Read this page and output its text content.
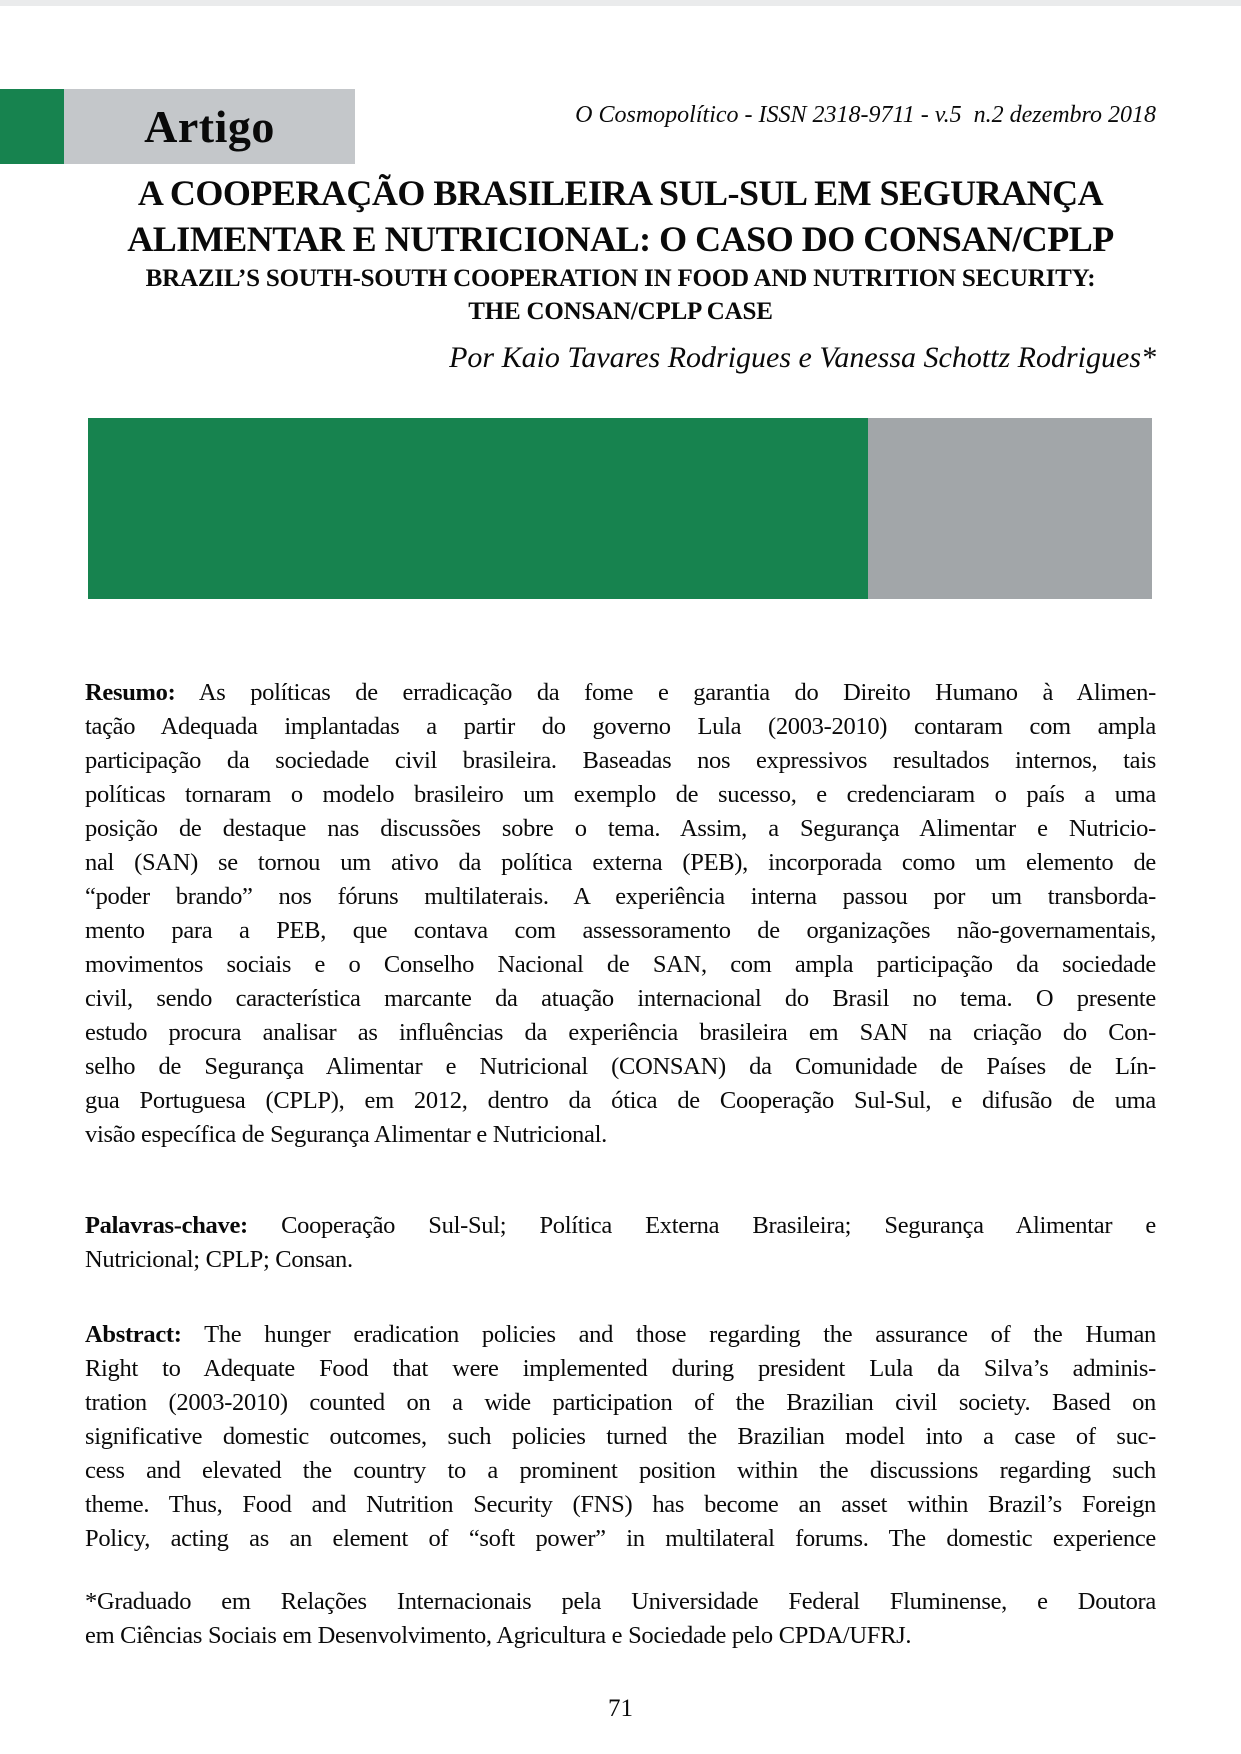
Artigo	O Cosmopolítico - ISSN 2318-9711 - v.5  n.2 dezembro 2018
A COOPERAÇÃO BRASILEIRA SUL-SUL EM SEGURANÇA
ALIMENTAR E NUTRICIONAL: O CASO DO CONSAN/CPLP
BRAZIL’S SOUTH-SOUTH COOPERATION IN FOOD AND NUTRITION SECURITY:
THE CONSAN/CPLP CASE
Por Kaio Tavares Rodrigues e Vanessa Schottz Rodrigues*
Resumo: As políticas de erradicação da fome e garantia do Direito Humano à Alimen-
tação Adequada implantadas a partir do governo Lula (2003-2010) contaram com ampla
participação da sociedade civil brasileira. Baseadas nos expressivos resultados internos, tais
políticas tornaram o modelo brasileiro um exemplo de sucesso, e credenciaram o país a uma
posição de destaque nas discussões sobre o tema. Assim, a Segurança Alimentar e Nutricio-
nal (SAN) se tornou um ativo da política externa (PEB), incorporada como um elemento de
“poder brando” nos fóruns multilaterais. A experiência interna passou por um transborda-
mento para a PEB, que contava com assessoramento de organizações não-governamentais,
movimentos sociais e o Conselho Nacional de SAN, com ampla participação da sociedade
civil, sendo característica marcante da atuação internacional do Brasil no tema. O presente
estudo procura analisar as influências da experiência brasileira em SAN na criação do Con-
selho de Segurança Alimentar e Nutricional (CONSAN) da Comunidade de Países de Lín-
gua Portuguesa (CPLP), em 2012, dentro da ótica de Cooperação Sul-Sul, e difusão de uma
visão específica de Segurança Alimentar e Nutricional.
Palavras-chave: Cooperação Sul-Sul; Política Externa Brasileira; Segurança Alimentar e
Nutricional; CPLP; Consan.
Abstract: The hunger eradication policies and those regarding the assurance of the Human
Right to Adequate Food that were implemented during president Lula da Silva’s adminis-
tration (2003-2010) counted on a wide participation of the Brazilian civil society. Based on
significative domestic outcomes, such policies turned the Brazilian model into a case of suc-
cess and elevated the country to a prominent position within the discussions regarding such
theme. Thus, Food and Nutrition Security (FNS) has become an asset within Brazil’s Foreign
Policy, acting as an element of “soft power” in multilateral forums. The domestic experience
*Graduado em Relações Internacionais pela Universidade Federal Fluminense, e Doutora
em Ciências Sociais em Desenvolvimento, Agricultura e Sociedade pelo CPDA/UFRJ.
71
